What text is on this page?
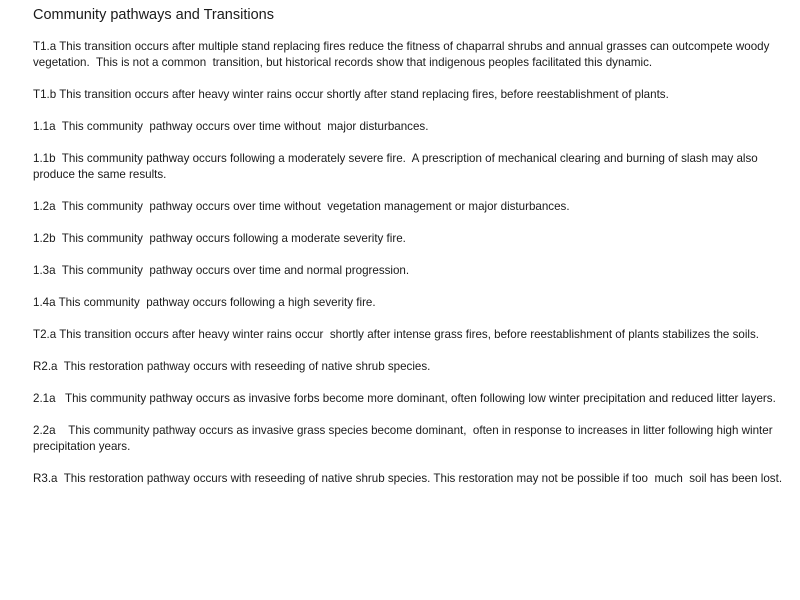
Community pathways and Transitions
T1.a This transition occurs after multiple stand replacing fires reduce the fitness of chaparral shrubs and annual grasses can outcompete woody vegetation.  This is not a common  transition, but historical records show that indigenous peoples facilitated this dynamic.
T1.b This transition occurs after heavy winter rains occur shortly after stand replacing fires, before reestablishment of plants.
1.1a  This community  pathway occurs over time without  major disturbances.
1.1b  This community pathway occurs following a moderately severe fire.  A prescription of mechanical clearing and burning of slash may also produce the same results.
1.2a  This community  pathway occurs over time without  vegetation management or major disturbances.
1.2b  This community  pathway occurs following a moderate severity fire.
1.3a  This community  pathway occurs over time and normal progression.
1.4a This community  pathway occurs following a high severity fire.
T2.a This transition occurs after heavy winter rains occur  shortly after intense grass fires, before reestablishment of plants stabilizes the soils.
R2.a  This restoration pathway occurs with reseeding of native shrub species.
2.1a   This community pathway occurs as invasive forbs become more dominant, often following low winter precipitation and reduced litter layers.
2.2a    This community pathway occurs as invasive grass species become dominant,  often in response to increases in litter following high winter precipitation years.
R3.a  This restoration pathway occurs with reseeding of native shrub species. This restoration may not be possible if too  much  soil has been lost.
